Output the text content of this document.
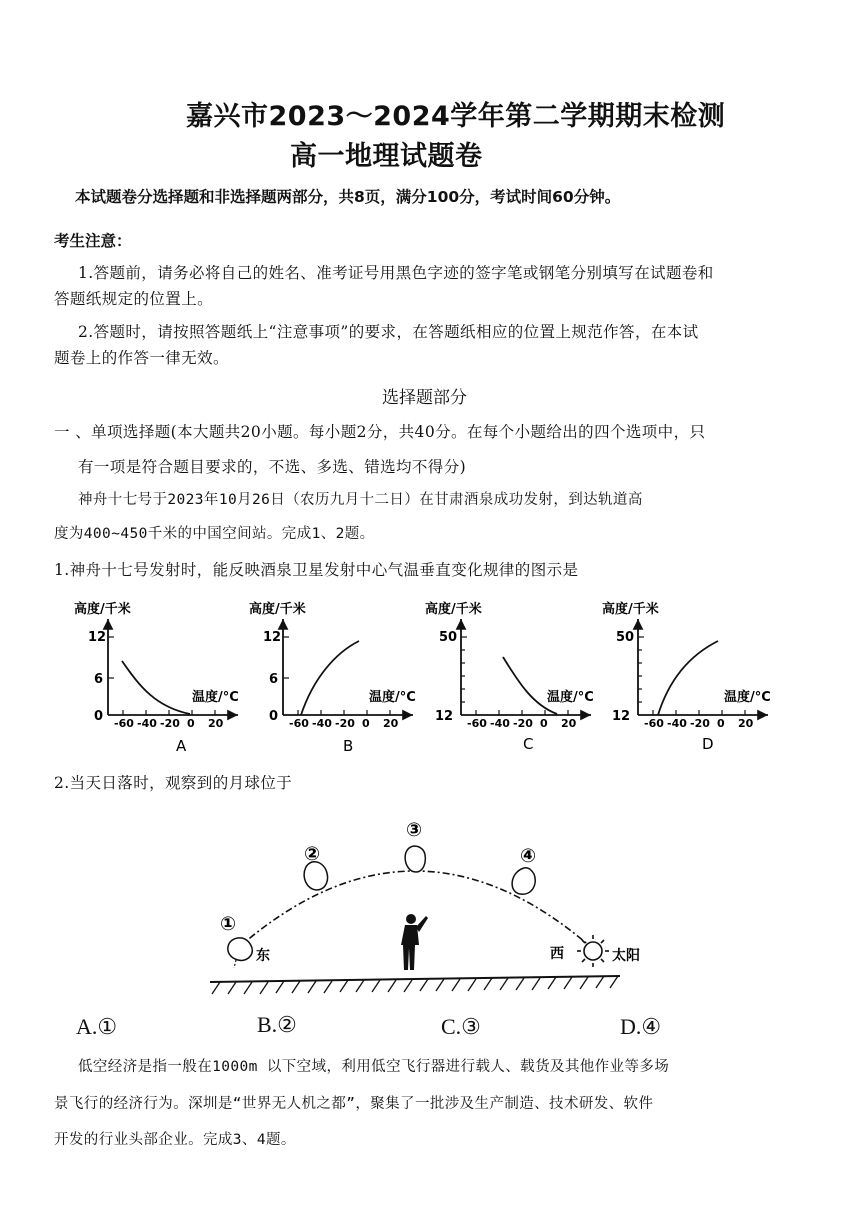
嘉兴市2023～2024学年第二学期期末检测
高一地理试题卷
本试题卷分选择题和非选择题两部分，共8页，满分100分，考试时间60分钟。
考生注意：
1.答题前，请务必将自己的姓名、准考证号用黑色字迹的签字笔或钢笔分别填写在试题卷和
答题纸规定的位置上。
2.答题时，请按照答题纸上“注意事项”的要求，在答题纸相应的位置上规范作答，在本试
题卷上的作答一律无效。
选择题部分
一 、单项选择题(本大题共20小题。每小题2分，共40分。在每个小题给出的四个选项中，只
有一项是符合题目要求的，不选、多选、错选均不得分)
神舟十七号于2023年10月26日（农历九月十二日）在甘肃酒泉成功发射，到达轨道高
度为400~450千米的中国空间站。完成1、2题。
1.神舟十七号发射时，能反映酒泉卫星发射中心气温垂直变化规律的图示是
高度/千米
12
6
0 -60 -40 -20 0 20
温度/°C
A
高度/千米
12
6
0 -60 -40 -20 0 20
温度/°C
B
高度/千米
50
12 -60 -40 -20 0 20
温度/°C
C
高度/千米
50
12 -60 -40 -20 0 20
温度/°C
D
2.当天日落时，观察到的月球位于
①
②
③
④
东	西	太阳
A.①	B.②	C.③	D.④
低空经济是指一般在1000m 以下空域，利用低空飞行器进行载人、载货及其他作业等多场
景飞行的经济行为。深圳是“世界无人机之都”，聚集了一批涉及生产制造、技术研发、软件
开发的行业头部企业。完成3、4题。
